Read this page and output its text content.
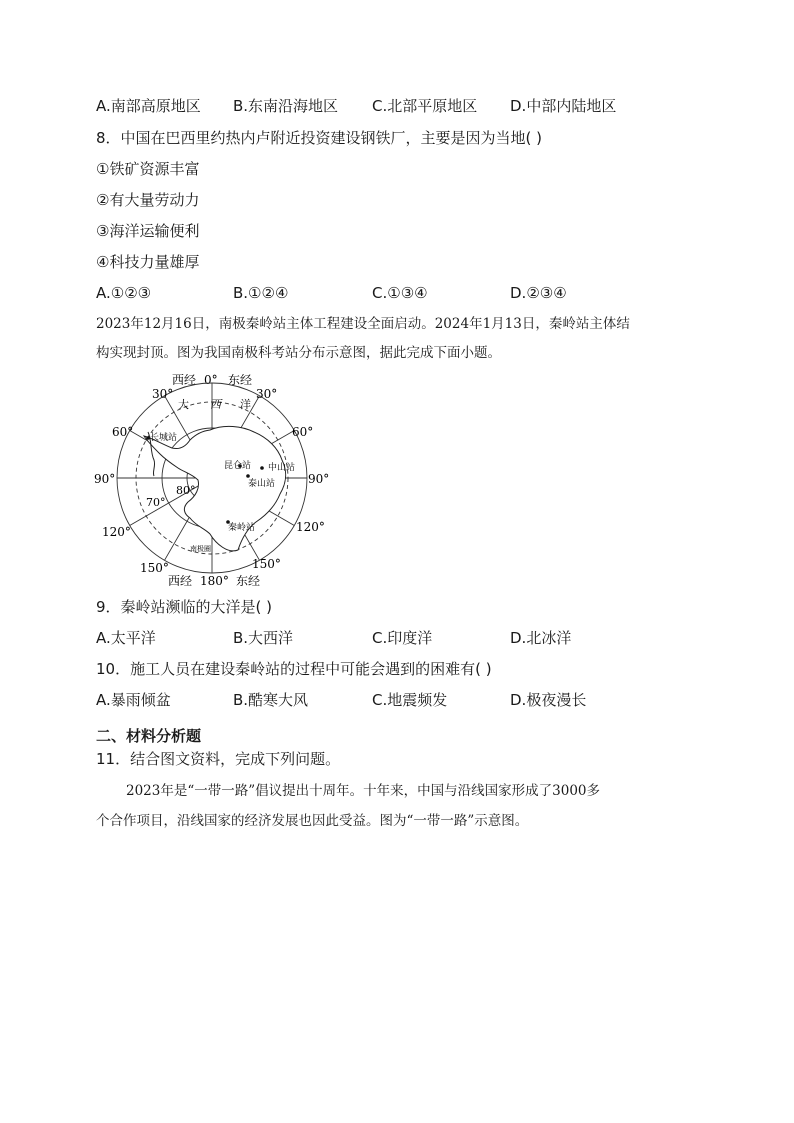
A.南部高原地区 B.东南沿海地区 C.北部平原地区 D.中部内陆地区
8．中国在巴西里约热内卢附近投资建设钢铁厂，主要是因为当地( )
①铁矿资源丰富
②有大量劳动力
③海洋运输便利
④科技力量雄厚
A.①②③	B.①②④	C.①③④	D.②③④
2023年12月16日，南极秦岭站主体工程建设全面启动。2024年1月13日，秦岭站主体结
构实现封顶。图为我国南极科考站分布示意图，据此完成下面小题。
西经 0° 东经
大 西 洋
30°	30°
60°	60°
90°	90°
120°	120°
150°	150°
70°
80°
长城站
昆仑站 中山站
泰山站
秦岭站
南极圈
西经 180° 东经
9．秦岭站濒临的大洋是( )
A.太平洋	B.大西洋	C.印度洋	D.北冰洋
10．施工人员在建设秦岭站的过程中可能会遇到的困难有( )
A.暴雨倾盆	B.酷寒大风	C.地震频发	D.极夜漫长
二、材料分析题
11．结合图文资料，完成下列问题。
2023年是“一带一路”倡议提出十周年。十年来，中国与沿线国家形成了3000多
个合作项目，沿线国家的经济发展也因此受益。图为“一带一路”示意图。
